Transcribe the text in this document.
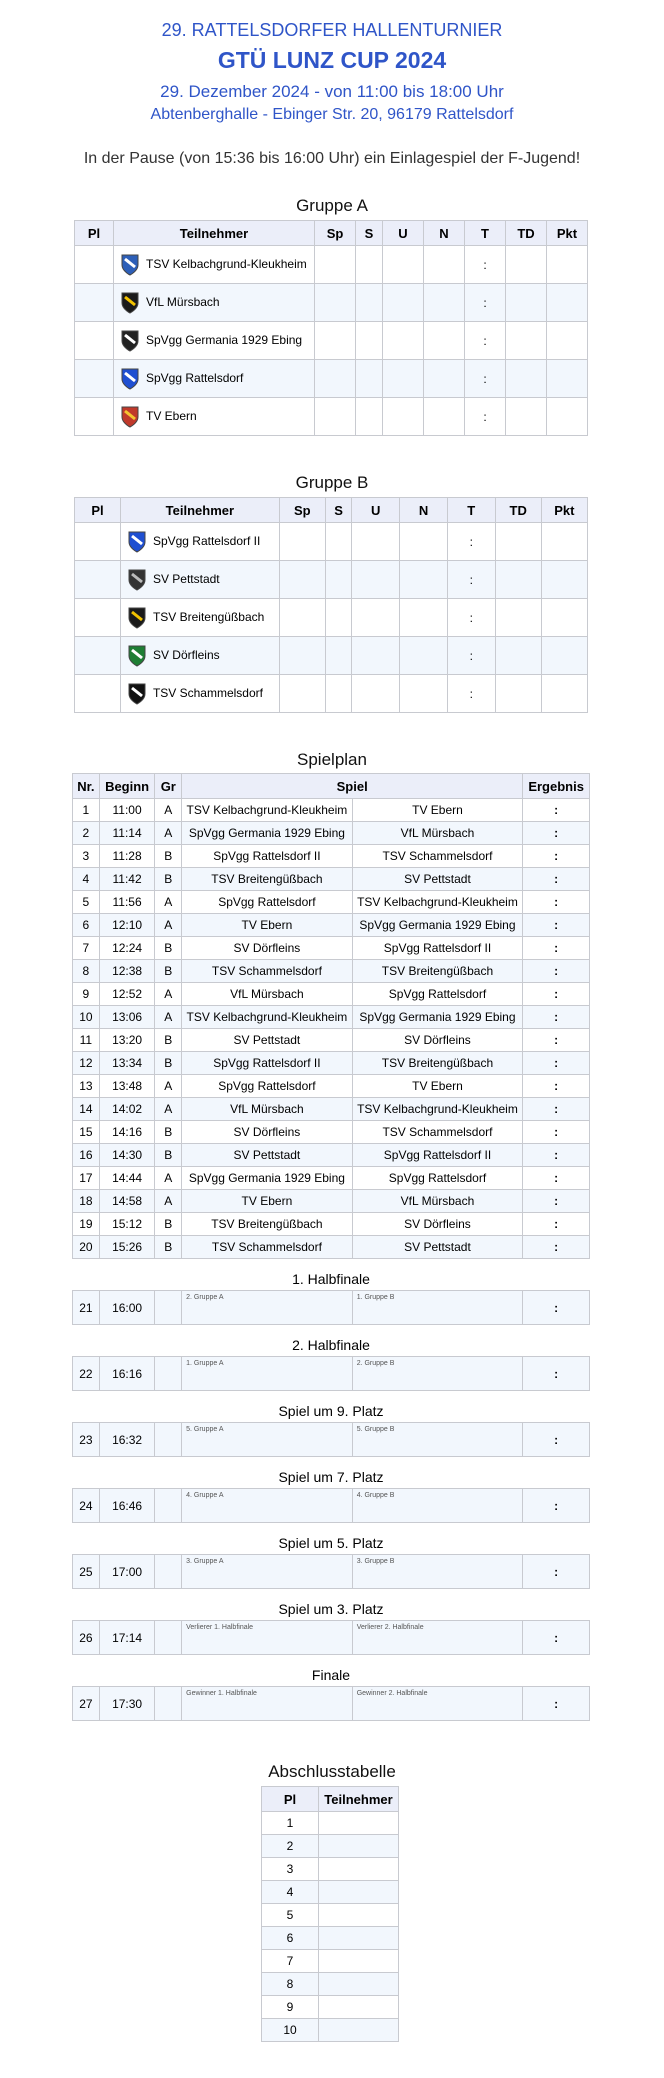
29. RATTELSDORFER HALLENTURNIER
GTÜ LUNZ CUP 2024
29. Dezember 2024 - von 11:00 bis 18:00 Uhr
Abtenberghalle - Ebinger Str. 20, 96179 Rattelsdorf
In der Pause (von 15:36 bis 16:00 Uhr) ein Einlagespiel der F-Jugend!
Gruppe A
Pl	Teilnehmer	Sp	S	U	N	T	TD	Pkt
	TSV Kelbachgrund-Kleukheim					:		
	VfL Mürsbach					:		
	SpVgg Germania 1929 Ebing					:		
	SpVgg Rattelsdorf					:		
	TV Ebern					:		
Gruppe B
Pl	Teilnehmer	Sp	S	U	N	T	TD	Pkt
	SpVgg Rattelsdorf II					:		
	SV Pettstadt					:		
	TSV Breitengüßbach					:		
	SV Dörfleins					:		
	TSV Schammelsdorf					:		
Spielplan
Nr.	Beginn	Gr	Spiel		Ergebnis
1	11:00	A	TSV Kelbachgrund-Kleukheim	TV Ebern	:
2	11:14	A	SpVgg Germania 1929 Ebing	VfL Mürsbach	:
3	11:28	B	SpVgg Rattelsdorf II	TSV Schammelsdorf	:
4	11:42	B	TSV Breitengüßbach	SV Pettstadt	:
5	11:56	A	SpVgg Rattelsdorf	TSV Kelbachgrund-Kleukheim	:
6	12:10	A	TV Ebern	SpVgg Germania 1929 Ebing	:
7	12:24	B	SV Dörfleins	SpVgg Rattelsdorf II	:
8	12:38	B	TSV Schammelsdorf	TSV Breitengüßbach	:
9	12:52	A	VfL Mürsbach	SpVgg Rattelsdorf	:
10	13:06	A	TSV Kelbachgrund-Kleukheim	SpVgg Germania 1929 Ebing	:
11	13:20	B	SV Pettstadt	SV Dörfleins	:
12	13:34	B	SpVgg Rattelsdorf II	TSV Breitengüßbach	:
13	13:48	A	SpVgg Rattelsdorf	TV Ebern	:
14	14:02	A	VfL Mürsbach	TSV Kelbachgrund-Kleukheim	:
15	14:16	B	SV Dörfleins	TSV Schammelsdorf	:
16	14:30	B	SV Pettstadt	SpVgg Rattelsdorf II	:
17	14:44	A	SpVgg Germania 1929 Ebing	SpVgg Rattelsdorf	:
18	14:58	A	TV Ebern	VfL Mürsbach	:
19	15:12	B	TSV Breitengüßbach	SV Dörfleins	:
20	15:26	B	TSV Schammelsdorf	SV Pettstadt	:
1. Halbfinale					
21	16:00		2. Gruppe A	1. Gruppe B	:
2. Halbfinale					
22	16:16		1. Gruppe A	2. Gruppe B	:
Spiel um 9. Platz					
23	16:32		5. Gruppe A	5. Gruppe B	:
Spiel um 7. Platz					
24	16:46		4. Gruppe A	4. Gruppe B	:
Spiel um 5. Platz					
25	17:00		3. Gruppe A	3. Gruppe B	:
Spiel um 3. Platz					
26	17:14		Verlierer 1. Halbfinale	Verlierer 2. Halbfinale	:
Finale					
27	17:30		Gewinner 1. Halbfinale	Gewinner 2. Halbfinale	:
Abschlusstabelle
Pl	Teilnehmer
1	
2	
3	
4	
5	
6	
7	
8	
9	
10	
